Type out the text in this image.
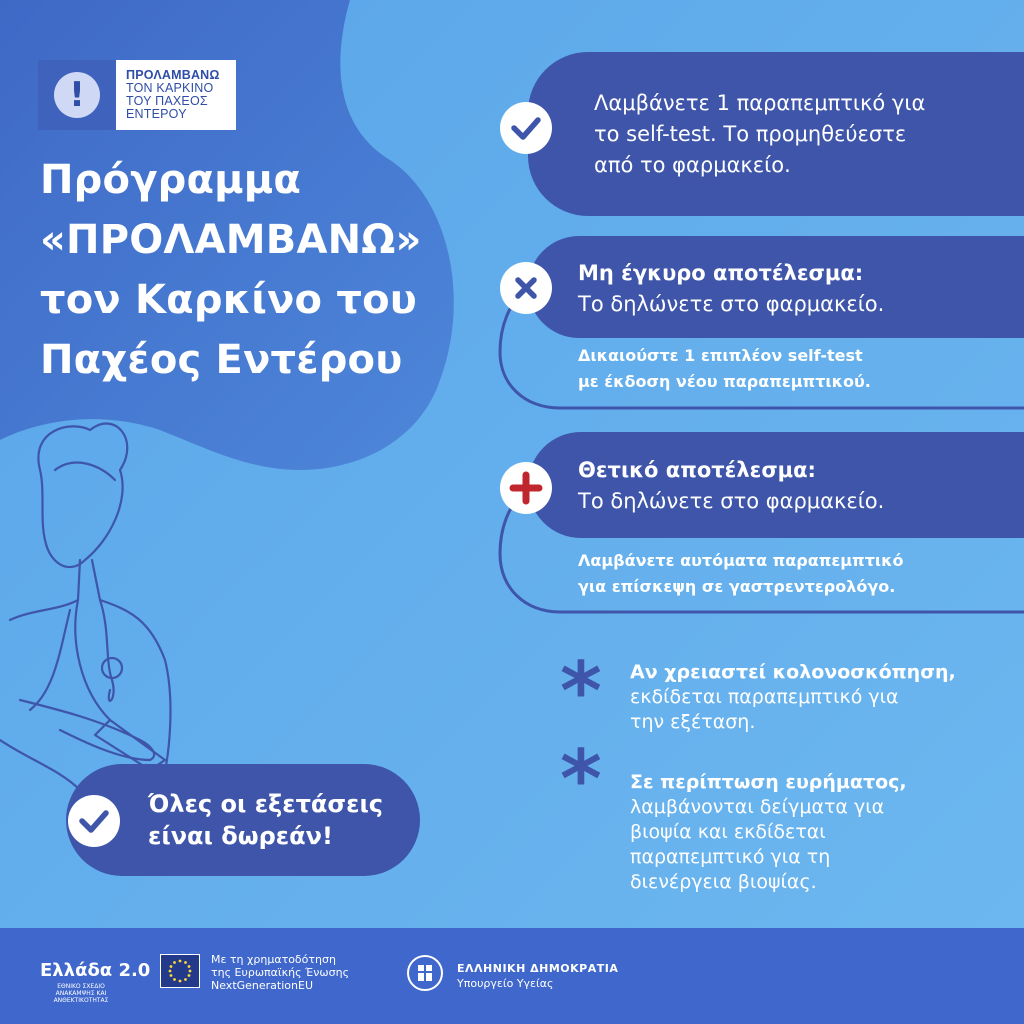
!	ΠΡΟΛΑΜΒΑΝΩ
ΤΟΝ ΚΑΡΚΙΝΟ
ΤΟΥ ΠΑΧΕΟΣ
ΕΝΤΕΡΟΥ
Πρόγραμμα
«ΠΡΟΛΑΜΒΑΝΩ»
τον Καρκίνο του
Παχέος Εντέρου
Λαμβάνετε 1 παραπεμπτικό για
το self-test. Το προμηθεύεστε
από το φαρμακείο.
Μη έγκυρο αποτέλεσμα:
Το δηλώνετε στο φαρμακείο.
Δικαιούστε 1 επιπλέον self-test
με έκδοση νέου παραπεμπτικού.
Θετικό αποτέλεσμα:
Το δηλώνετε στο φαρμακείο.
Λαμβάνετε αυτόματα παραπεμπτικό
για επίσκεψη σε γαστρεντερολόγο.
* Αν χρειαστεί κολονοσκόπηση,
εκδίδεται παραπεμπτικό για
την εξέταση.
* Σε περίπτωση ευρήματος,
λαμβάνονται δείγματα για
βιοψία και εκδίδεται
παραπεμπτικό για τη
διενέργεια βιοψίας.
Όλες οι εξετάσεις
είναι δωρεάν!
Ελλάδα 2.0
ΕΘΝΙΚΟ ΣΧΕΔΙΟ ΑΝΑΚΑΜΨΗΣ ΚΑΙ ΑΝΘΕΚΤΙΚΟΤΗΤΑΣ
Με τη χρηματοδότηση
της Ευρωπαϊκής Ένωσης
NextGenerationEU
ΕΛΛΗΝΙΚΗ ΔΗΜΟΚΡΑΤΙΑ
Υπουργείο Υγείας
